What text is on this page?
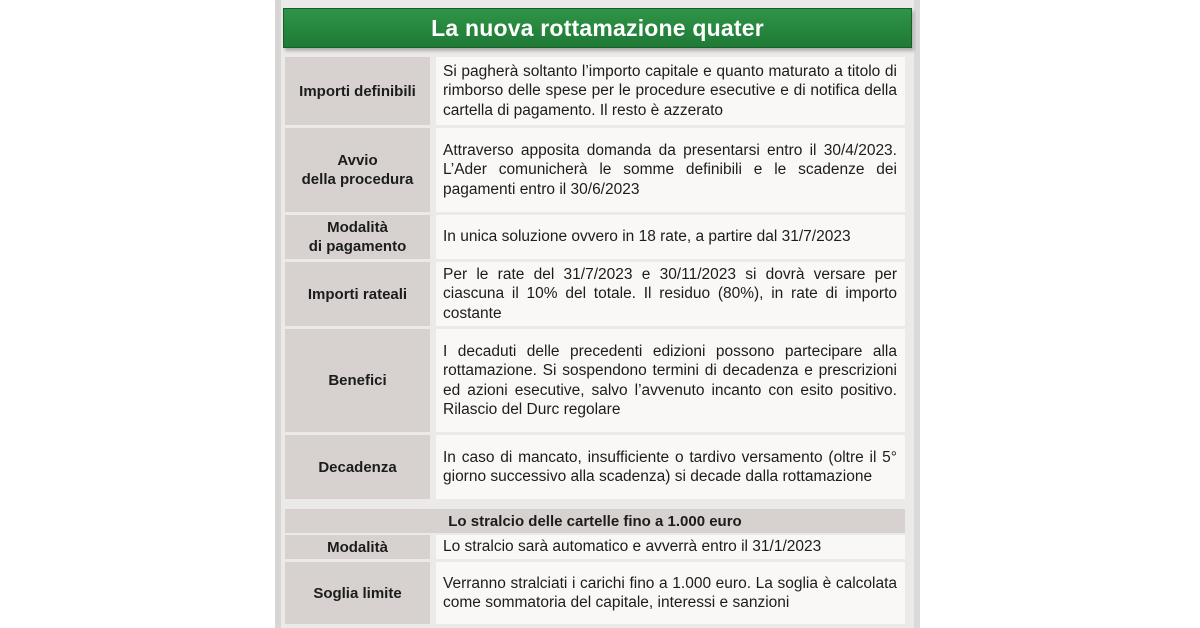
La nuova rottamazione quater
Importi definibili		Si pagherà soltanto l’importo capitale e quanto maturato a titolo di rimborso delle spese per le procedure esecutive e di notifica della cartella di pagamento. Il resto è azzerato

Avvio
della procedura		Attraverso apposita domanda da presentarsi entro il 30/4/2023. L’Ader comunicherà le somme definibili e le scadenze dei pagamenti entro il 30/6/2023

Modalità
di pagamento		In unica soluzione ovvero in 18 rate, a partire dal 31/7/2023

Importi rateali		Per le rate del 31/7/2023 e 30/11/2023 si dovrà versare per ciascuna il 10% del totale. Il residuo (80%), in rate di importo costante

Benefici		I decaduti delle precedenti edizioni possono partecipare alla rottamazione. Si sospendono termini di decadenza e prescrizioni ed azioni esecutive, salvo l’avvenuto incanto con esito positivo. Rilascio del Durc regolare

Decadenza		In caso di mancato, insufficiente o tardivo versamento (oltre il 5° giorno successivo alla scadenza) si decade dalla rottamazione
Lo stralcio delle cartelle fino a 1.000 euro
Modalità		Lo stralcio sarà automatico e avverrà entro il 31/1/2023

Soglia limite		Verranno stralciati i carichi fino a 1.000 euro. La soglia è calcolata come sommatoria del capitale, interessi e sanzioni
